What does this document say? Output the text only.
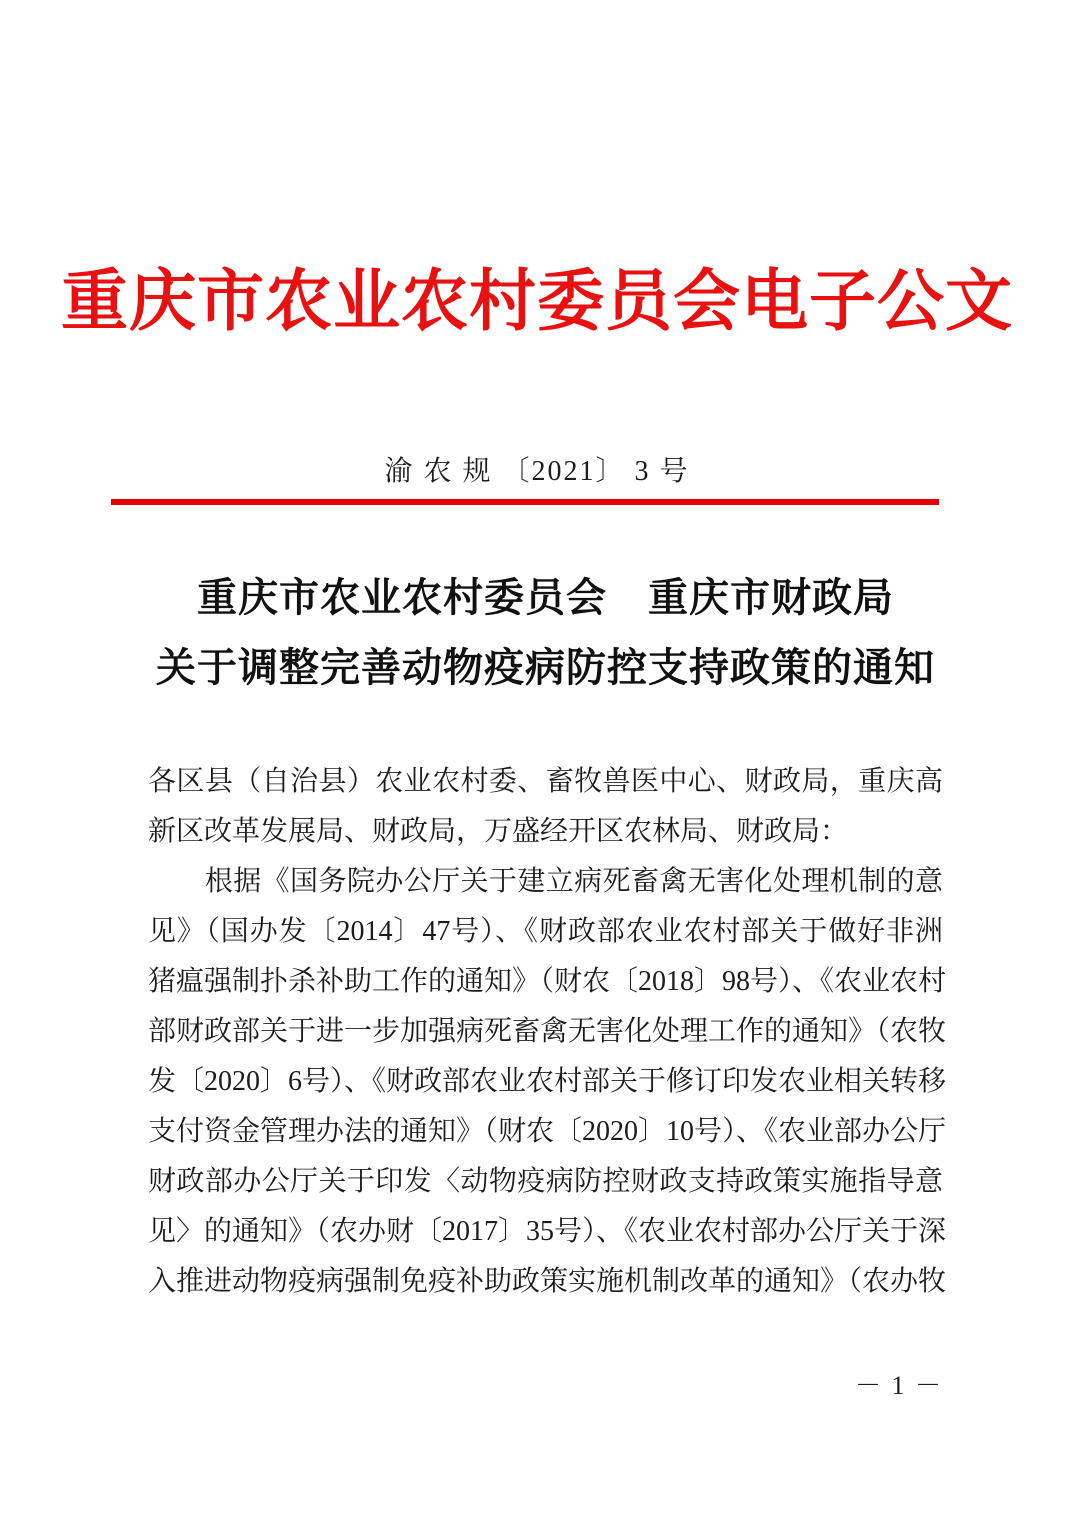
重庆市农业农村委员会电子公文
渝 农 规 〔2021〕 3 号
重庆市农业农村委员会　重庆市财政局
关于调整完善动物疫病防控支持政策的通知
各区县（自治县）农业农村委、畜牧兽医中心、财政局，重庆高
新区改革发展局、财政局，万盛经开区农林局、财政局：
　　根据《国务院办公厅关于建立病死畜禽无害化处理机制的意
见》（国办发〔2014〕47号）、《财政部农业农村部关于做好非洲
猪瘟强制扑杀补助工作的通知》（财农〔2018〕98号）、《农业农村
部财政部关于进一步加强病死畜禽无害化处理工作的通知》（农牧
发〔2020〕6号）、《财政部农业农村部关于修订印发农业相关转移
支付资金管理办法的通知》（财农〔2020〕10号）、《农业部办公厅
财政部办公厅关于印发〈动物疫病防控财政支持政策实施指导意
见〉的通知》（农办财〔2017〕35号）、《农业农村部办公厅关于深
入推进动物疫病强制免疫补助政策实施机制改革的通知》（农办牧
－ 1 －
